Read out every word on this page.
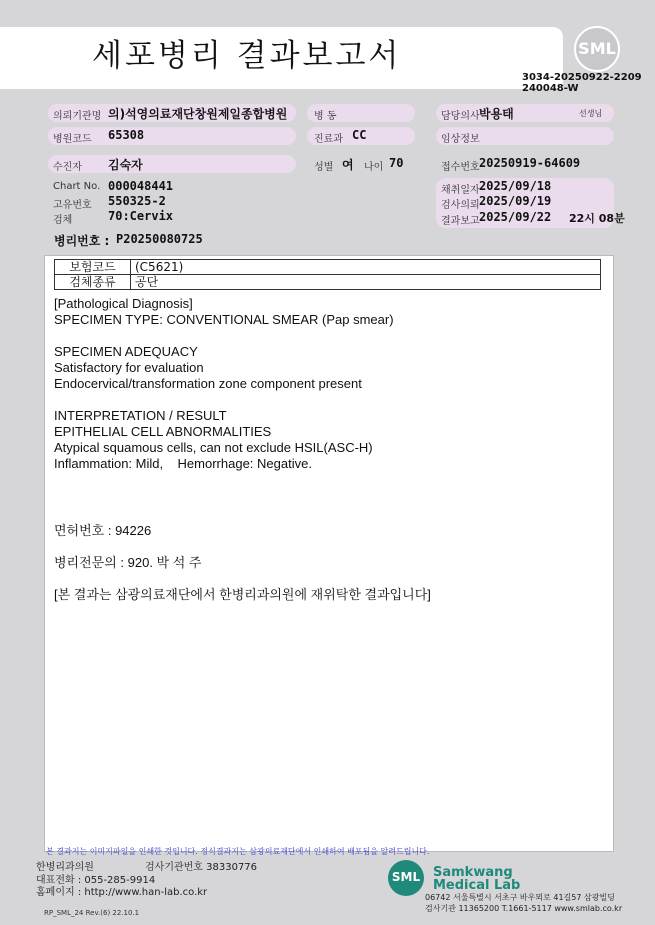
세포병리 결과보고서	SML
3034-20250922-2209
240048-W
의뢰기관명 의)석영의료재단창원제일종합병원	병 동	담당의사 박용태	선생님
병원코드 65308	진료과 CC	임상정보
수진자 김숙자	성별 여 나이 70	접수번호 20250919-64609
Chart No. 000048441
고유번호 550325-2
검체	70:Cervix
채취일자 2025/09/18
검사의뢰 2025/09/19
결과보고 2025/09/22 22시 08분
병리번호 : P20250080725
보험코드	(C5621)
검체종류	공단
[Pathological Diagnosis]
SPECIMEN TYPE: CONVENTIONAL SMEAR (Pap smear)
SPECIMEN ADEQUACY
Satisfactory for evaluation
Endocervical/transformation zone component present
INTERPRETATION / RESULT
EPITHELIAL CELL ABNORMALITIES
Atypical squamous cells, can not exclude HSIL(ASC-H)
Inflammation: Mild,    Hemorrhage: Negative.
면허번호 : 94226
병리전문의 : 920. 박 석 주
[본 결과는 삼광의료재단에서 한병리과의원에 재위탁한 결과입니다]
본 결과지는 이미지파일을 인쇄한 것입니다. 정식결과지는 삼광의료재단에서 인쇄하여 배포됨을 알려드립니다.
한병리과의원	검사기관번호 38330776
대표전화 : 055-285-9914
홈페이지 : http://www.han-lab.co.kr
SML Samkwang
Medical Lab
06742 서울특별시 서초구 바우뫼로 41길57 삼광빌딩
검사기관 11365200 T.1661-5117 www.smlab.co.kr
RP_SML_24 Rev.(6) 22.10.1
